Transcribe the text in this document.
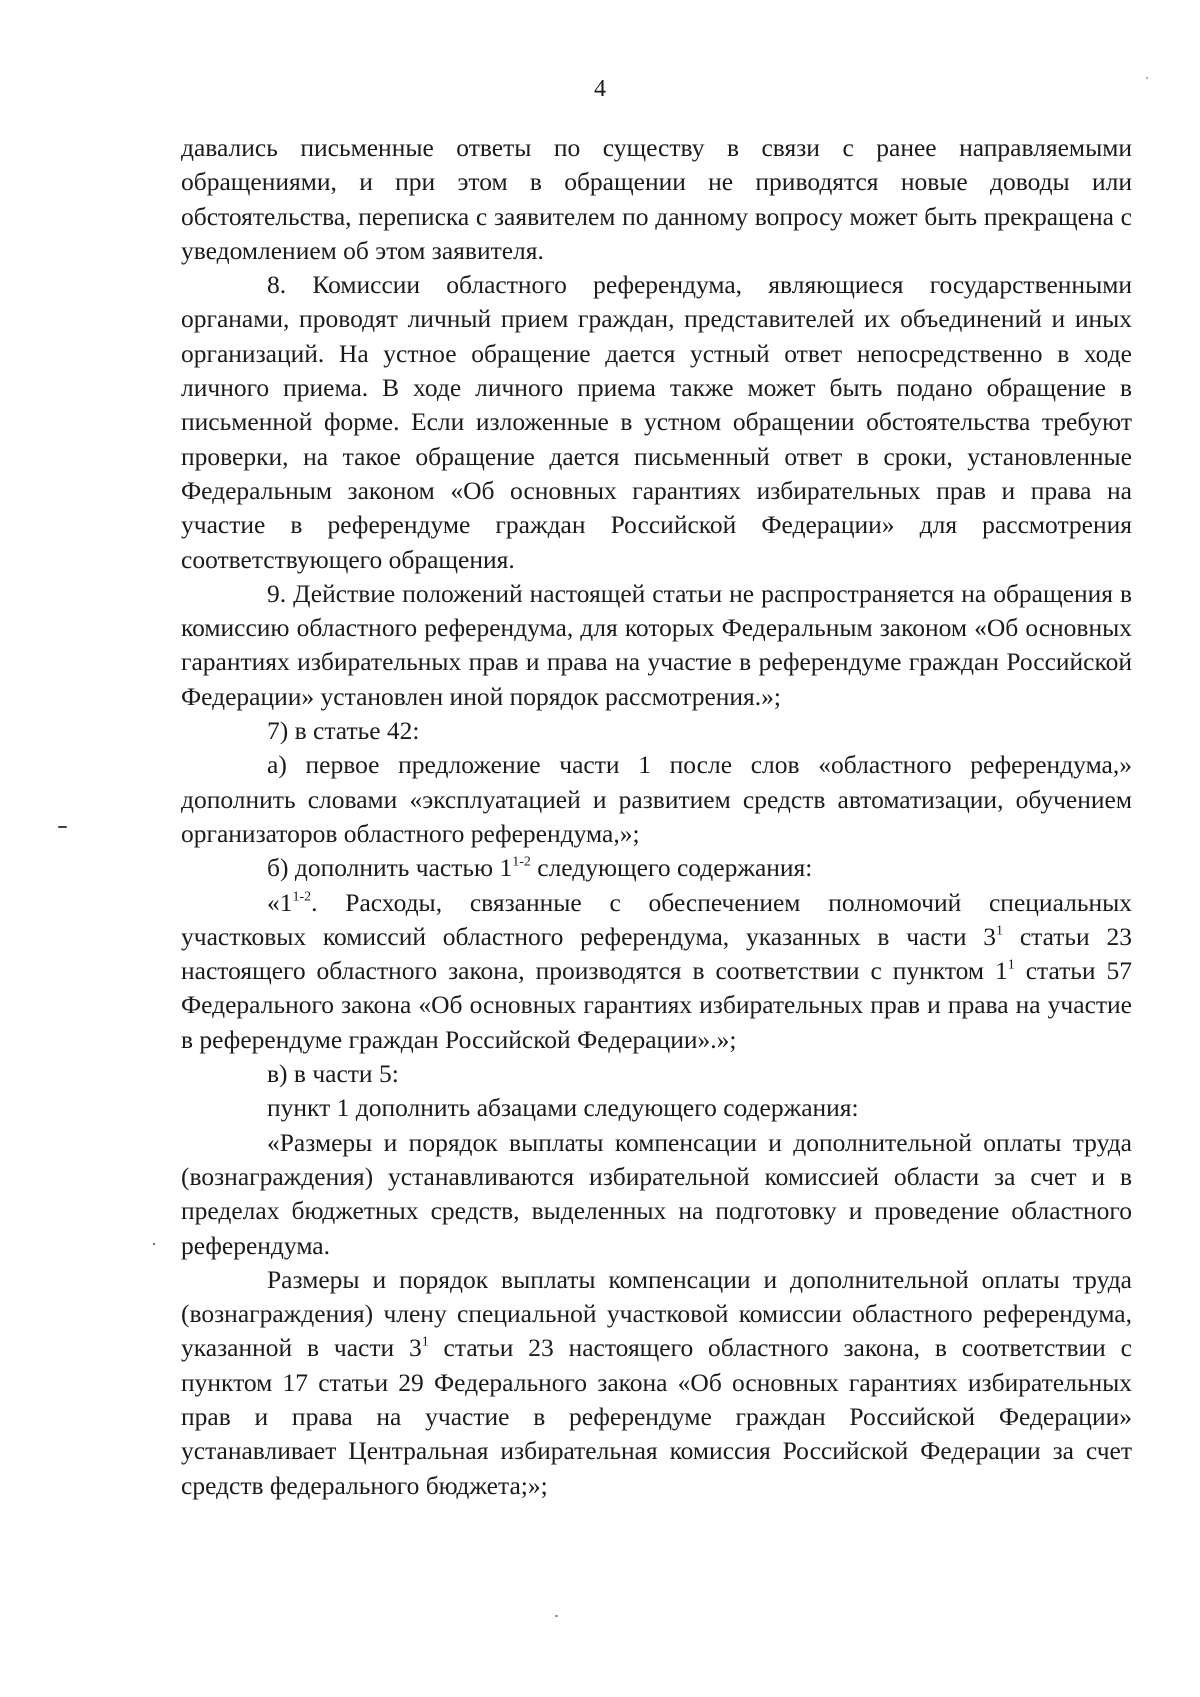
4

давались письменные ответы по существу в связи с ранее направляемыми обращениями, и при этом в обращении не приводятся новые доводы или обстоятельства, переписка с заявителем по данному вопросу может быть прекращена с уведомлением об этом заявителя.

8. Комиссии областного референдума, являющиеся государственными органами, проводят личный прием граждан, представителей их объединений и иных организаций. На устное обращение дается устный ответ непосредственно в ходе личного приема. В ходе личного приема также может быть подано обращение в письменной форме. Если изложенные в устном обращении обстоятельства требуют проверки, на такое обращение дается письменный ответ в сроки, установленные Федеральным законом «Об основных гарантиях избирательных прав и права на участие в референдуме граждан Российской Федерации» для рассмотрения соответствующего обращения.

9. Действие положений настоящей статьи не распространяется на обращения в комиссию областного референдума, для которых Федеральным законом «Об основных гарантиях избирательных прав и права на участие в референдуме граждан Российской Федерации» установлен иной порядок рассмотрения.»;

7) в статье 42:

а) первое предложение части 1 после слов «областного референдума,» дополнить словами «эксплуатацией и развитием средств автоматизации, обучением организаторов областного референдума,»;

б) дополнить частью 1$^{1-2}$ следующего содержания:

«1$^{1-2}$. Расходы, связанные с обеспечением полномочий специальных участковых комиссий областного референдума, указанных в части $3^1$ статьи 23 настоящего областного закона, производятся в соответствии с пунктом $1^1$ статьи 57 Федерального закона «Об основных гарантиях избирательных прав и права на участие в референдуме граждан Российской Федерации».»;

в) в части 5:

пункт 1 дополнить абзацами следующего содержания:

«Размеры и порядок выплаты компенсации и дополнительной оплаты труда (вознаграждения) устанавливаются избирательной комиссией области за счет и в пределах бюджетных средств, выделенных на подготовку и проведение областного референдума.

Размеры и порядок выплаты компенсации и дополнительной оплаты труда (вознаграждения) члену специальной участковой комиссии областного референдума, указанной в части $3^1$ статьи 23 настоящего областного закона, в соответствии с пунктом 17 статьи 29 Федерального закона «Об основных гарантиях избирательных прав и права на участие в референдуме граждан Российской Федерации» устанавливает Центральная избирательная комиссия Российской Федерации за счет средств федерального бюджета;»;
